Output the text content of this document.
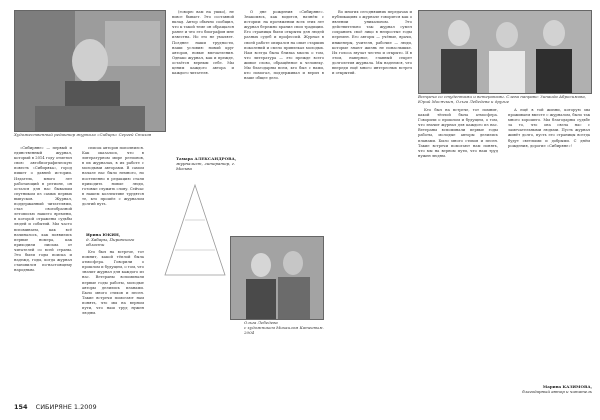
Художественный редактор журнала «Сибирь» Сергей Стихов
Ольга Лебедева
с художником Михаилом Катеевым. 2004
Встреча со студентами и ветеранами. Слева направо: Зинаида Абросимова, Юрий Мосячкин, Ольга Лебедева и другие

«Сибиряне» — первый и единственный журнал, который в 2014 году отметил свою автобиографическую повесть «Сибиряка», город пишет о давней истории. Издатель, много лет работающий в регионе, он остался для нас бывалым спутником из самых первых выпусков. Журнал, поддержанный читателями, стал своеобразной летописью нашего времени, в которой отражены судьбы людей и событий. Мы часто вспоминаем, как всё начиналось, как появились первые номера, как приходили письма от читателей со всей страны. Это были годы поиска и надежд, годы, когда журнал становился по-настоящему народным.

список авторов пополнился. Как оказалось, что в литературном мире регионов, в их журналах, в их работе с молодыми авторами. В самом начале нас было немного, но постепенно в редакцию стали приходить новые люди, готовые служить слову. Сейчас в нашем коллективе трудятся те, кто прошёл с журналом долгий путь.

Ирина ЮКИН,
д. Хабары, Пировского области

Кто был на встрече, тот помнит, какой тёплой была атмосфера. Говорили о прошлом и будущем, о том, что значит журнал для каждого из нас. Ветераны вспоминали первые годы работы, молодые авторы делились планами. Было много стихов и песен. Такие встречи помогают нам понять, что мы на верном пути, что наш труд нужен людям.

(говорю вам на ушко), не вовсе бывает. Это составной вклад. Автор обычно сообщил, что к такой теме он обращался ранее и что его биография мне известна. Но это не умаляет. Позднее наши трудности, наши условия: новый круг авторов, новые впечатления. Однако журнал, как и прежде, остаётся верным себе. Мы ценим каждого автора и каждого читателя.

Тамара АЛЕКСАНДРОВА,
журналист, литератор, г. Москва

О дне рождения «Сибиряне». Знакомясь, как водится, начнём с истории: на протяжении всех этих лет журнал бережно хранил свои традиции. Его страницы были открыты для людей разных судеб и профессий. Журнал в своей работе опирался на опыт старших поколений и смело привлекал молодых. Нам всегда была близка мысль о том, что литература — это прежде всего живое слово, обращённое к человеку. Мы благодарны всем, кто был с нами, кто помогал, поддерживал и верил в наше общее дело.

Во многих сегодняшних передачах и публикациях о журнале говорится как о явлении уникальном. Это действительно так: журнал сумел сохранить своё лицо в непростые годы перемен. Его авторы — учёные, врачи, инженеры, учителя, рабочие — люди, которые знают жизнь не понаслышке. Их голоса звучат честно и открыто. И в этом, наверное, главный секрет долголетия журнала. Мы надеемся, что впереди ещё много интересных встреч и открытий.

Кто был на встрече, тот помнит, какой тёплой была атмосфера. Говорили о прошлом и будущем, о том, что значит журнал для каждого из нас. Ветераны вспоминали первые годы работы, молодые авторы делились планами. Было много стихов и песен. Такие встречи помогают нам понять, что мы на верном пути, что наш труд нужен людям.

А ещё в той жизни, которую мы проживаем вместе с журналом, было так много хорошего. Мы благодарны судьбе за то, что она свела нас с замечательными людьми. Пусть журнал живёт долго, пусть его страницы всегда будут светлыми и добрыми. С днём рождения, дорогие «Сибиряне»!

Марина КАЗИМОВА,
благодарный автор и читатель
154 СИБИРЯНЕ 1.2009
